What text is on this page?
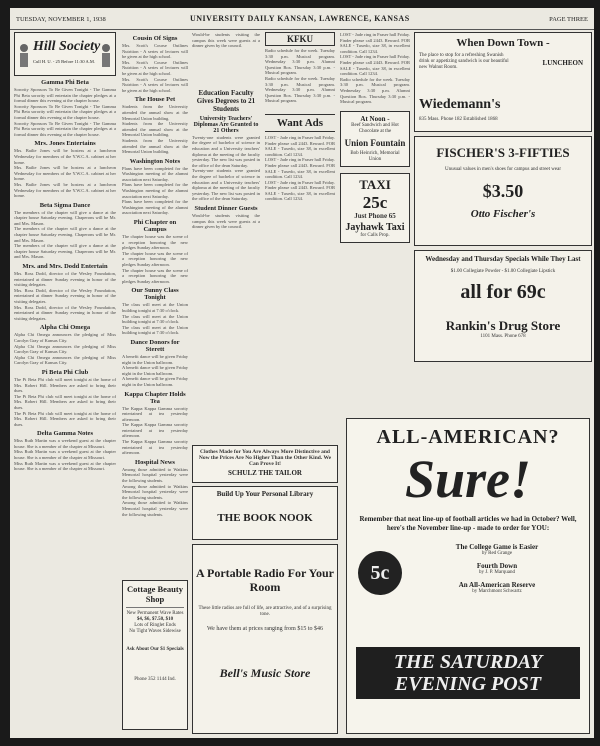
TUESDAY, NOVEMBER 1, 1938	UNIVERSITY DAILY KANSAN, LAWRENCE, KANSAS	PAGE THREE
Hill Society
Cull H. U. - 25 Before 11:30 A.M.
Gamma Phi Beta
Sorority Sponsors To Be Given Tonight - The Gamma Phi Beta sorority will entertain the chapter pledges at a formal dinner this evening at the chapter house.
Sorority Sponsors To Be Given Tonight - The Gamma Phi Beta sorority will entertain the chapter pledges at a formal dinner this evening at the chapter house.
Sorority Sponsors To Be Given Tonight - The Gamma Phi Beta sorority will entertain the chapter pledges at a formal dinner this evening at the chapter house.
Mrs. Jones Entertains
Mrs. Bailie Jones will be hostess at a luncheon Wednesday for members of the Y.W.C.A. cabinet at her home.
Mrs. Bailie Jones will be hostess at a luncheon Wednesday for members of the Y.W.C.A. cabinet at her home.
Mrs. Bailie Jones will be hostess at a luncheon Wednesday for members of the Y.W.C.A. cabinet at her home.
Beta Sigma Dance
The members of the chapter will give a dance at the chapter house Saturday evening. Chaperons will be Mr. and Mrs. Mason.
The members of the chapter will give a dance at the chapter house Saturday evening. Chaperons will be Mr. and Mrs. Mason.
The members of the chapter will give a dance at the chapter house Saturday evening. Chaperons will be Mr. and Mrs. Mason.
Mrs. and Mrs. Dodd Entertain
Mrs. Ross Dodd, director of the Wesley Foundation, entertained at dinner Sunday evening in honor of the visiting delegates.
Mrs. Ross Dodd, director of the Wesley Foundation, entertained at dinner Sunday evening in honor of the visiting delegates.
Mrs. Ross Dodd, director of the Wesley Foundation, entertained at dinner Sunday evening in honor of the visiting delegates.
Alpha Chi Omega
Alpha Chi Omega announces the pledging of Miss Carolyn Gray of Kansas City.
Alpha Chi Omega announces the pledging of Miss Carolyn Gray of Kansas City.
Alpha Chi Omega announces the pledging of Miss Carolyn Gray of Kansas City.
Pi Beta Phi Club
The Pi Beta Phi club will meet tonight at the home of Mrs. Robert Hill. Members are asked to bring their dues.
The Pi Beta Phi club will meet tonight at the home of Mrs. Robert Hill. Members are asked to bring their dues.
The Pi Beta Phi club will meet tonight at the home of Mrs. Robert Hill. Members are asked to bring their dues.
Delta Gamma Notes
Miss Ruth Martin was a weekend guest at the chapter house. She is a member of the chapter at Missouri.
Miss Ruth Martin was a weekend guest at the chapter house. She is a member of the chapter at Missouri.
Miss Ruth Martin was a weekend guest at the chapter house. She is a member of the chapter at Missouri.
Cousin Of Signs
Mrs. Scott's Course Outlines Nutrition - A series of lectures will be given at the high school.
Mrs. Scott's Course Outlines Nutrition - A series of lectures will be given at the high school.
Mrs. Scott's Course Outlines Nutrition - A series of lectures will be given at the high school.
The House Pet
Students from the University attended the annual show at the Memorial Union building.
Students from the University attended the annual show at the Memorial Union building.
Students from the University attended the annual show at the Memorial Union building.
Washington Notes
Plans have been completed for the Washington meeting of the alumni association next Saturday.
Plans have been completed for the Washington meeting of the alumni association next Saturday.
Plans have been completed for the Washington meeting of the alumni association next Saturday.
Phi Chapter on Campus
The chapter house was the scene of a reception honoring the new pledges Sunday afternoon.
The chapter house was the scene of a reception honoring the new pledges Sunday afternoon.
The chapter house was the scene of a reception honoring the new pledges Sunday afternoon.
Our Sunny Class Tonight
The class will meet at the Union building tonight at 7:30 o'clock.
The class will meet at the Union building tonight at 7:30 o'clock.
The class will meet at the Union building tonight at 7:30 o'clock.
Dance Donors for Sterett
A benefit dance will be given Friday night in the Union ballroom.
A benefit dance will be given Friday night in the Union ballroom.
A benefit dance will be given Friday night in the Union ballroom.
Kappa Chapter Holds Tea
The Kappa Kappa Gamma sorority entertained at tea yesterday afternoon.
The Kappa Kappa Gamma sorority entertained at tea yesterday afternoon.
The Kappa Kappa Gamma sorority entertained at tea yesterday afternoon.
Hospital News
Among those admitted to Watkins Memorial hospital yesterday were the following students.
Among those admitted to Watkins Memorial hospital yesterday were the following students.
Among those admitted to Watkins Memorial hospital yesterday were the following students.
Cottage Beauty Shop
New Permanent Wave Rates
$4, $6, $7.50, $10
Lots of Ringlet Ends
No Tight Waves Sidewise
Ask About Our $1 Specials
Phone 352 1144 Ind.
Would-be students visiting the campus this week were guests at a dinner given by the council.
Education Faculty Gives Degrees to 21 Students
University Teachers' Diplomas Are Granted to 21 Others
Twenty-one students were granted the degree of bachelor of science in education and a University teachers' diploma at the meeting of the faculty yesterday. The new list was posted in the office of the dean Saturday.
Twenty-one students were granted the degree of bachelor of science in education and a University teachers' diploma at the meeting of the faculty yesterday. The new list was posted in the office of the dean Saturday.
Student Dinner Guests
Would-be students visiting the campus this week were guests at a dinner given by the council.
KFKU
Radio schedule for the week. Tuesday 3:30 p.m. Musical program. Wednesday 3:30 p.m. Alumni Question Box. Thursday 3:30 p.m. - Musical program.
Radio schedule for the week. Tuesday 3:30 p.m. Musical program. Wednesday 3:30 p.m. Alumni Question Box. Thursday 3:30 p.m. - Musical program.
Want Ads
LOST - Jade ring in Fraser hall Friday. Finder please call 2443. Reward. FOR SALE - Tuxedo, size 38, in excellent condition. Call 1234.
LOST - Jade ring in Fraser hall Friday. Finder please call 2443. Reward. FOR SALE - Tuxedo, size 38, in excellent condition. Call 1234.
LOST - Jade ring in Fraser hall Friday. Finder please call 2443. Reward. FOR SALE - Tuxedo, size 38, in excellent condition. Call 1234.
LOST - Jade ring in Fraser hall Friday. Finder please call 2443. Reward. FOR SALE - Tuxedo, size 38, in excellent condition. Call 1234.
LOST - Jade ring in Fraser hall Friday. Finder please call 2443. Reward. FOR SALE - Tuxedo, size 38, in excellent condition. Call 1234.
Radio schedule for the week. Tuesday 3:30 p.m. Musical program. Wednesday 3:30 p.m. Alumni Question Box. Thursday 3:30 p.m. - Musical program.
At Noon -
Beef Sandwich and Hot Chocolate at the
Union Fountain
Bob Heinrich, Memorial Union
TAXI
25c
Just Phone 65
Jayhawk Taxi
for Calls Prop.
When Down Town -
The place to stop for a refreshing Swanish drink or appetizing sandwich is our beautiful new Walnut Room.
LUNCHEON
Wiedemann's
835 Mass. Phone 182 Established 1868
FISCHER'S 3-FIFTIES
Unusual values in men's shoes for campus and street wear
$3.50
Otto Fischer's
Wednesday and Thursday Specials While They Last
$1.00 Collegiate Powder - $1.00 Collegiate Lipstick
all for 69c
Rankin's Drug Store
1101 Mass. Phone 678
Clothes Made for You Are Always More Distinctive and Now the Prices Are No Higher Than the Other Kind. We Can Prove It!
SCHULZ THE TAILOR
Build Up Your Personal Library
THE BOOK NOOK
A Portable Radio For Your Room
These little radios are full of life, are attractive, and of a surprising tone.
We have them at prices ranging from $15 to $46
Bell's Music Store
ALL-AMERICAN?
Sure!
Remember that neat line-up of football articles we had in October? Well, here's the November line-up - made to order for YOU:
5c
The College Game is Easier
by Red Grange
Fourth Down
by J. P. Marquand
An All-American Reserve
by Marchmont Schwartz
THE SATURDAY EVENING POST
